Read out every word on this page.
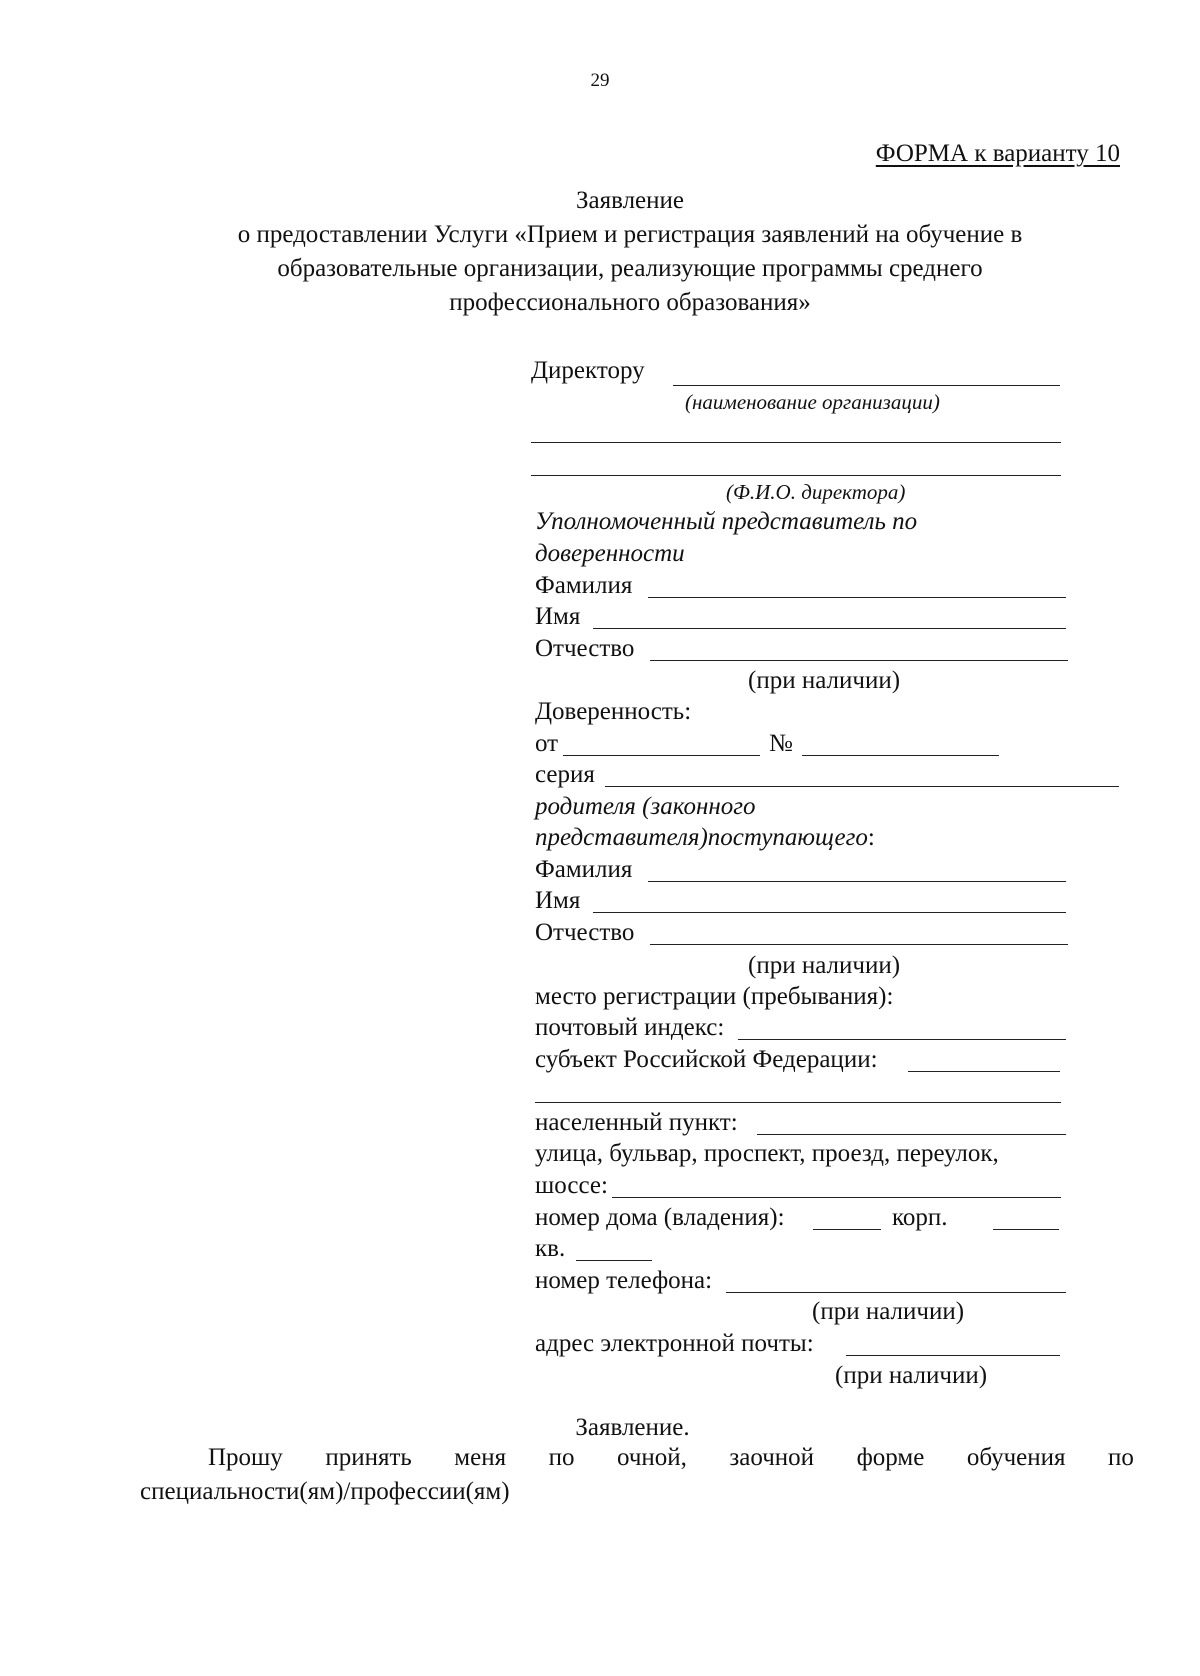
29
ФОРМА к варианту 10
Заявление
о предоставлении Услуги «Прием и регистрация заявлений на обучение в
образовательные организации, реализующие программы среднего
профессионального образования»
Директору
(наименование организации)
(Ф.И.О. директора)
Уполномоченный представитель по
доверенности
Фамилия
Имя
Отчество
(при наличии)
Доверенность:
от	№
серия
родителя (законного
представителя)поступающего:
Фамилия
Имя
Отчество
(при наличии)
место регистрации (пребывания):
почтовый индекс:
субъект Российской Федерации:
населенный пункт:
улица, бульвар, проспект, проезд, переулок,
шоссе:
номер дома (владения):	корп.
кв.
номер телефона:
(при наличии)
адрес электронной почты:
(при наличии)
Заявление.
Прошу принять меня по очной, заочной форме обучения по
специальности(ям)/профессии(ям)
